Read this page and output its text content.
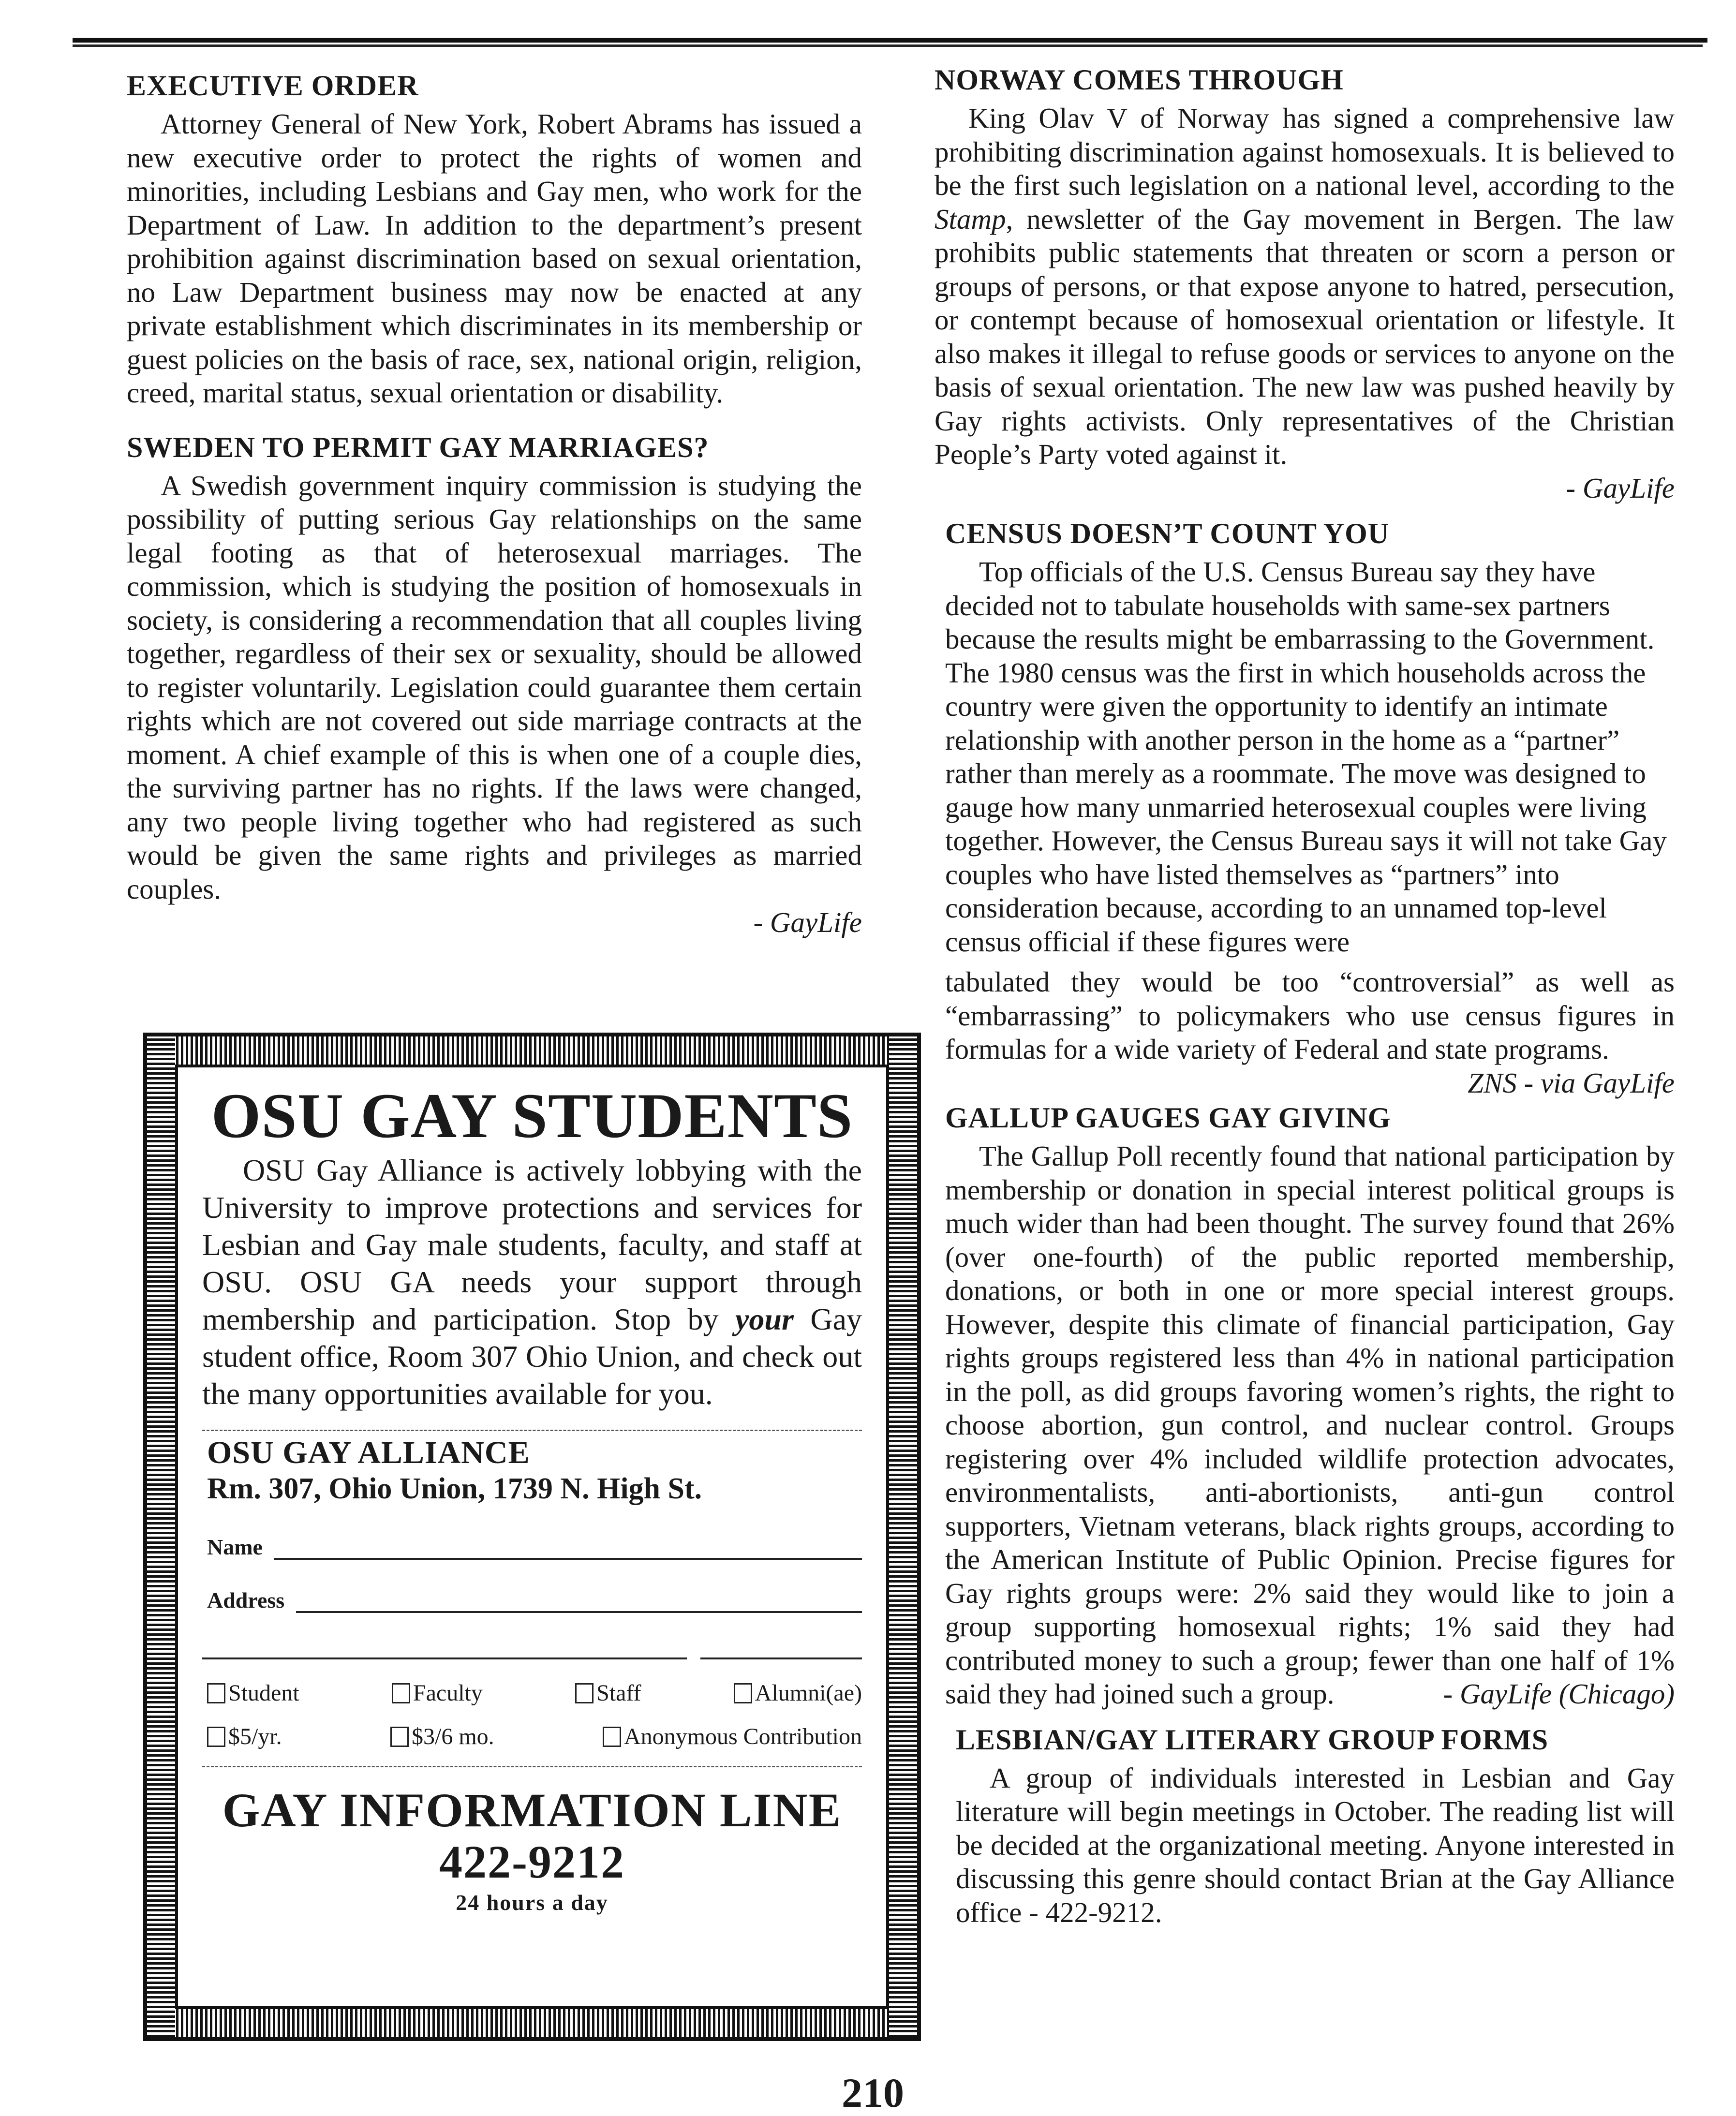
EXECUTIVE ORDER

Attorney General of New York, Robert Abrams has issued a new executive order to protect the rights of women and minorities, including Lesbians and Gay men, who work for the Department of Law. In addition to the department’s present prohibition against discrimination based on sexual orientation, no Law Department business may now be enacted at any private establishment which discriminates in its membership or guest policies on the basis of race, sex, national origin, religion, creed, marital status, sexual orientation or disability.

SWEDEN TO PERMIT GAY MARRIAGES?

A Swedish government inquiry commission is studying the possibility of putting serious Gay relationships on the same legal footing as that of heterosexual marriages. The commission, which is studying the position of homosexuals in society, is considering a recommendation that all couples living together, regardless of their sex or sexuality, should be allowed to register voluntarily. Legislation could guarantee them certain rights which are not covered out side marriage contracts at the moment. A chief example of this is when one of a couple dies, the surviving partner has no rights. If the laws were changed, any two people living together who had registered as such would be given the same rights and privileges as married couples.

- GayLife

OSU GAY STUDENTS

OSU Gay Alliance is actively lobbying with the University to improve protections and services for Lesbian and Gay male students, faculty, and staff at OSU. OSU GA needs your support through membership and participation. Stop by your Gay student office, Room 307 Ohio Union, and check out the many opportunities available for you.

OSU GAY ALLIANCE
Rm. 307, Ohio Union, 1739 N. High St.
Name
Address
Student	Faculty	Staff	Alumni(ae)
$5/yr.	$3/6 mo.	Anonymous Contribution
GAY INFORMATION LINE
422-9212
24 hours a day
NORWAY COMES THROUGH

King Olav V of Norway has signed a comprehensive law prohibiting discrimination against homosexuals. It is believed to be the first such legislation on a national level, according to the Stamp, newsletter of the Gay movement in Bergen. The law prohibits public statements that threaten or scorn a person or groups of persons, or that expose anyone to hatred, persecution, or contempt because of homosexual orientation or lifestyle. It also makes it illegal to refuse goods or services to anyone on the basis of sexual orientation. The new law was pushed heavily by Gay rights activists. Only representatives of the Christian People’s Party voted against it.

- GayLife

CENSUS DOESN’T COUNT YOU

Top officials of the U.S. Census Bureau say they have decided not to tabulate households with same-sex partners because the results might be embarrassing to the Government. The 1980 census was the first in which households across the country were given the opportunity to identify an intimate relationship with another person in the home as a “partner” rather than merely as a roommate. The move was designed to gauge how many unmarried heterosexual couples were living together. However, the Census Bureau says it will not take Gay couples who have listed themselves as “partners” into consideration because, according to an unnamed top-level census official if these figures were

tabulated they would be too “controversial” as well as “embarrassing” to policymakers who use census figures in formulas for a wide variety of Federal and state programs.

ZNS - via GayLife

GALLUP GAUGES GAY GIVING

The Gallup Poll recently found that national participation by membership or donation in special interest political groups is much wider than had been thought. The survey found that 26% (over one-fourth) of the public reported membership, donations, or both in one or more special interest groups. However, despite this climate of financial participation, Gay rights groups registered less than 4% in national participation in the poll, as did groups favoring women’s rights, the right to choose abortion, gun control, and nuclear control. Groups registering over 4% included wildlife protection advocates, environmentalists, anti-abortionists, anti-gun control supporters, Vietnam veterans, black rights groups, according to the American Institute of Public Opinion. Precise figures for Gay rights groups were: 2% said they would like to join a group supporting homosexual rights; 1% said they had contributed money to such a group; fewer than one half of 1% said they had joined such a group.	- GayLife (Chicago)

LESBIAN/GAY LITERARY GROUP FORMS

A group of individuals interested in Lesbian and Gay literature will begin meetings in October. The reading list will be decided at the organizational meeting. Anyone interested in discussing this genre should contact Brian at the Gay Alliance office - 422-9212.

210
